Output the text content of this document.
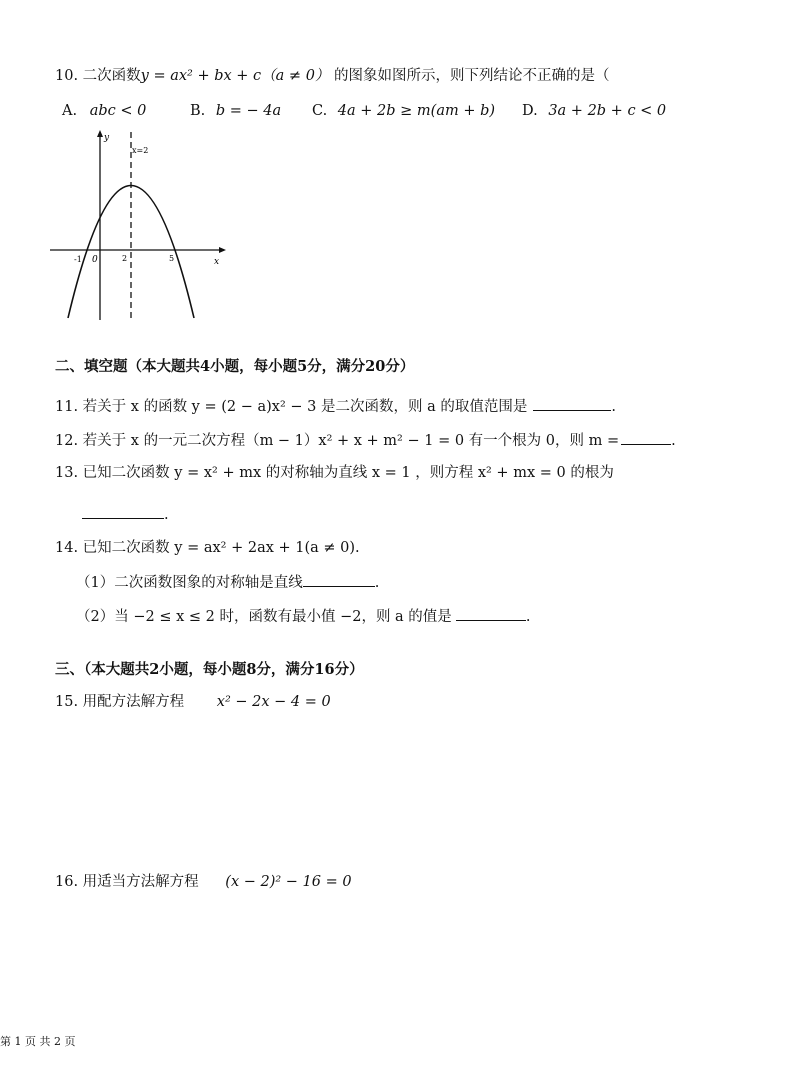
10. 二次函数y = ax² + bx + c（a ≠ 0） 的图象如图所示，则下列结论不正确的是（
A. abc < 0	B. b = − 4a C. 4a + 2b ≥ m(am + b) D. 3a + 2b + c < 0
y
x
x=2
-1 0	2	5
二、填空题（本大题共4小题，每小题5分，满分20分）
11. 若关于 x 的函数 y = (2 − a)x² − 3 是二次函数，则 a 的取值范围是	.
12. 若关于 x 的一元二次方程（m − 1）x² + x + m² − 1 = 0 有一个根为 0，则 m =	.
13. 已知二次函数 y = x² + mx 的对称轴为直线 x = 1 ，则方程 x² + mx = 0 的根为
.
14. 已知二次函数 y = ax² + 2ax + 1(a ≠ 0).
（1）二次函数图象的对称轴是直线	.
（2）当 −2 ≤ x ≤ 2 时，函数有最小值 −2，则 a 的值是	.
三、（本大题共2小题，每小题8分，满分16分）
15. 用配方法解方程 x² − 2x − 4 = 0
16. 用适当方法解方程 (x − 2)² − 16 = 0
第 1 页 共 2 页
